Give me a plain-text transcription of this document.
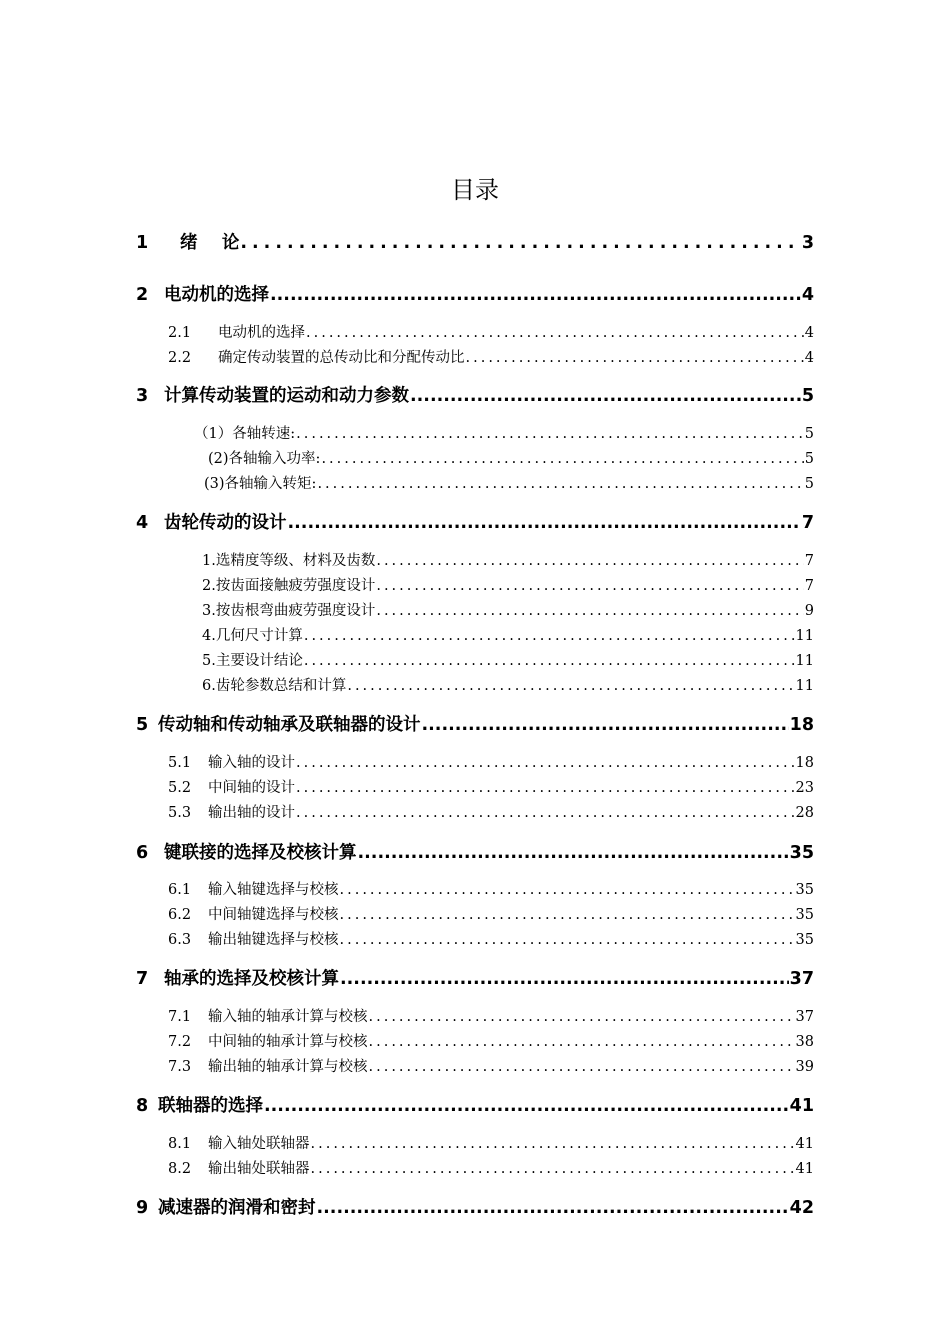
目录
1	绪    论 .....	3
2 电动机的选择 .....	4
2.1	电动机的选择 .....	4
2.2	确定传动装置的总传动比和分配传动比 .....	4
3 计算传动装置的运动和动力参数 .....	5
（1）各轴转速: .....	5
(2)各轴输入功率: .....	5
(3)各轴输入转矩: .....	5
4 齿轮传动的设计 .....	7
1.选精度等级、材料及齿数 .....	7
2.按齿面接触疲劳强度设计 .....	7
3.按齿根弯曲疲劳强度设计 .....	9
4.几何尺寸计算 .....	11
5.主要设计结论 .....	11
6.齿轮参数总结和计算 .....	11
5 传动轴和传动轴承及联轴器的设计 .....	18
5.1	输入轴的设计 .....	18
5.2	中间轴的设计 .....	23
5.3	输出轴的设计 .....	28
6 键联接的选择及校核计算 .....	35
6.1	输入轴键选择与校核 .....	35
6.2	中间轴键选择与校核 .....	35
6.3	输出轴键选择与校核 .....	35
7 轴承的选择及校核计算 .....	37
7.1	输入轴的轴承计算与校核 .....	37
7.2	中间轴的轴承计算与校核 .....	38
7.3	输出轴的轴承计算与校核 .....	39
8 联轴器的选择 .....	41
8.1	输入轴处联轴器 .....	41
8.2	输出轴处联轴器 .....	41
9 减速器的润滑和密封 .....	42
